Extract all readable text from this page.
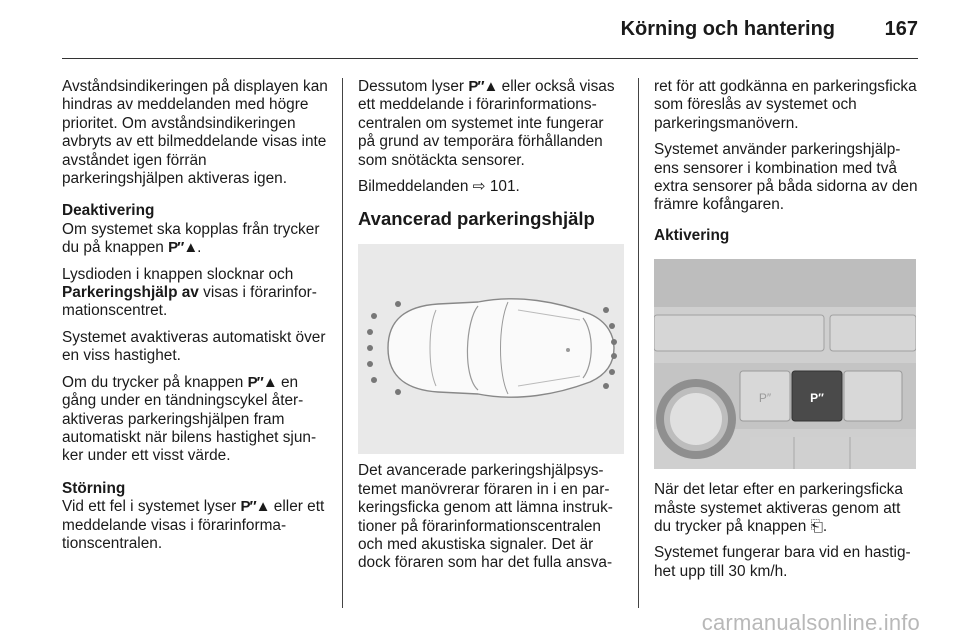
Körning och hantering	167

Avståndsindikeringen på displayen kan hindras av meddelanden med högre prioritet. Om avståndsindikeringen avbryts av ett bilmeddelande visas inte avståndet igen förrän parkeringshjälpen aktiveras igen.

Deaktivering

Om systemet ska kopplas från trycker du på knappen P″▲.

Lysdioden i knappen slocknar och Parkeringshjälp av visas i förarinformationscentret.

Systemet avaktiveras automatiskt över en viss hastighet.

Om du trycker på knappen P″▲ en gång under en tändningscykel återaktiveras parkeringshjälpen fram automatiskt när bilens hastighet sjunker under ett visst värde.

Störning

Vid ett fel i systemet lyser P″▲ eller ett meddelande visas i förarinformationscentralen.

Dessutom lyser P″▲ eller också visas ett meddelande i förarinformationscentralen om systemet inte fungerar på grund av temporära förhållanden som snötäckta sensorer.

Bilmeddelanden ⇨ 101.

Avancerad parkeringshjälp

Det avancerade parkeringshjälpsystemet manövrerar föraren in i en parkeringsficka genom att lämna instruktioner på förarinformationscentralen och med akustiska signaler. Det är dock föraren som har det fulla ansva-

ret för att godkänna en parkeringsficka som föreslås av systemet och parkeringsmanövern.

Systemet använder parkeringshjälpens sensorer i kombination med två extra sensorer på båda sidorna av den främre kofångaren.

Aktivering
P″	P″

När det letar efter en parkeringsficka måste systemet aktiveras genom att du trycker på knappen ⎗.

Systemet fungerar bara vid en hastighet upp till 30 km/h.

carmanualsonline.info
